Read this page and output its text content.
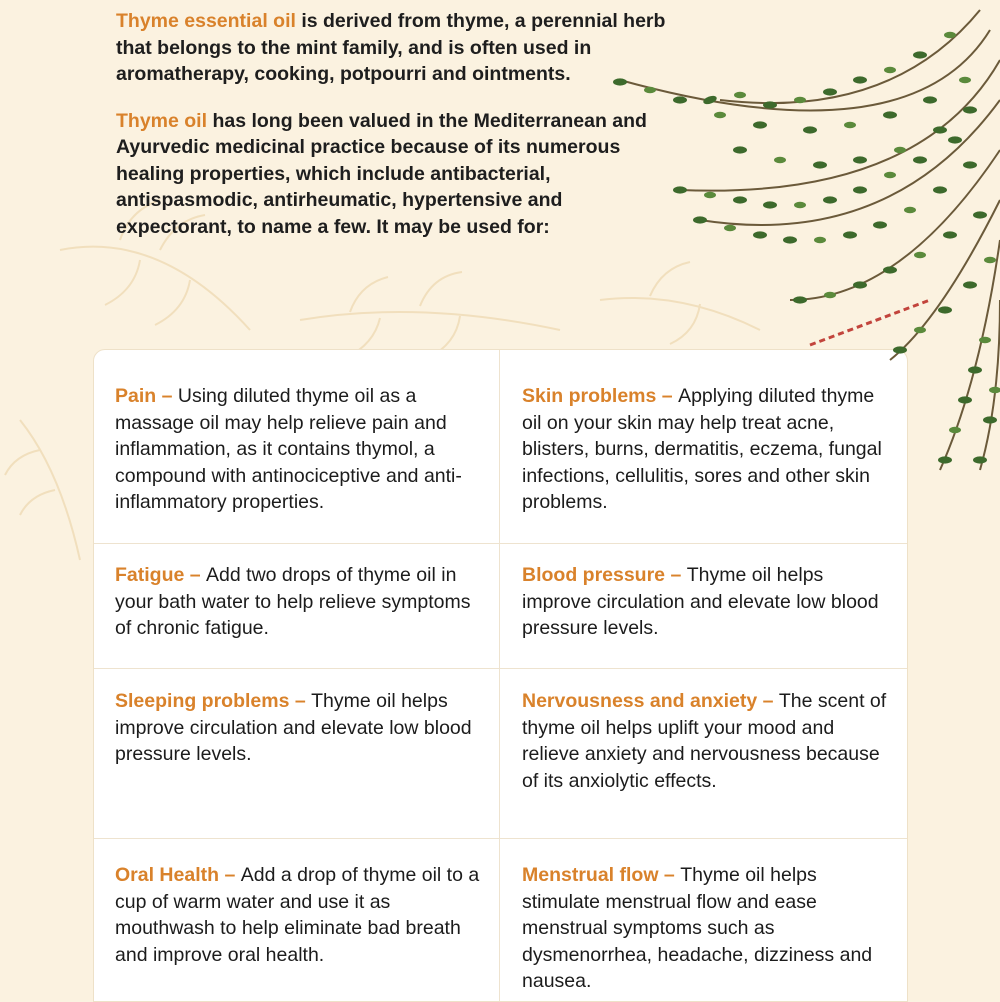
Thyme essential oil is derived from thyme, a perennial herb that belongs to the mint family, and is often used in aromatherapy, cooking, potpourri and ointments.

Thyme oil has long been valued in the Mediterranean and Ayurvedic medicinal practice because of its numerous healing properties, which include antibacterial, antispasmodic, antirheumatic, hypertensive and expectorant, to name a few. It may be used for:

Pain – Using diluted thyme oil as a massage oil may help relieve pain and inflammation, as it contains thymol, a compound with antinociceptive and anti-inflammatory properties.

Skin problems – Applying diluted thyme oil on your skin may help treat acne, blisters, burns, dermatitis, eczema, fungal infections, cellulitis, sores and other skin problems.

Fatigue – Add two drops of thyme oil in your bath water to help relieve symptoms of chronic fatigue.

Blood pressure – Thyme oil helps improve circulation and elevate low blood pressure levels.

Sleeping problems – Thyme oil helps improve circulation and elevate low blood pressure levels.

Nervousness and anxiety – The scent of thyme oil helps uplift your mood and relieve anxiety and nervousness because of its anxiolytic effects.

Oral Health – Add a drop of thyme oil to a cup of warm water and use it as mouthwash to help eliminate bad breath and improve oral health.

Menstrual flow – Thyme oil helps stimulate menstrual flow and ease menstrual symptoms such as dysmenorrhea, headache, dizziness and nausea.
